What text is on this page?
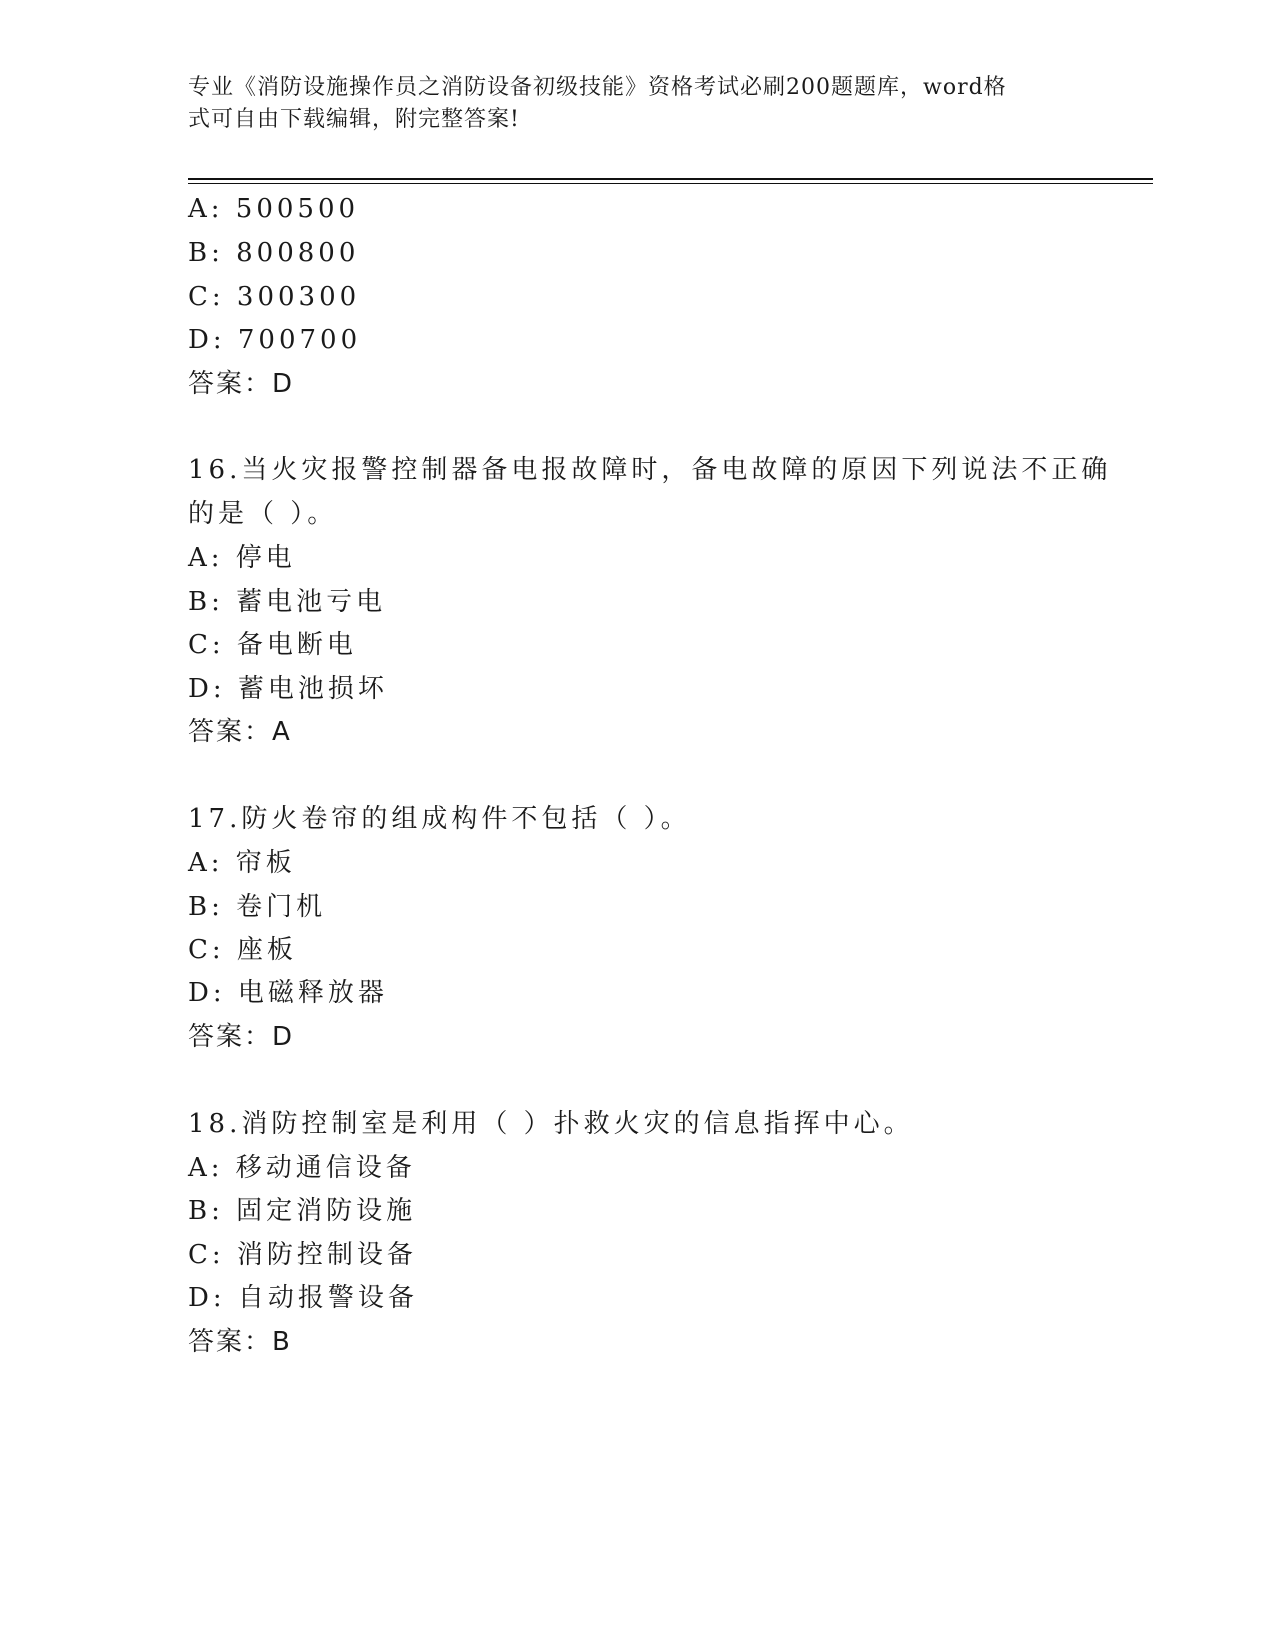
专业《消防设施操作员之消防设备初级技能》资格考试必刷200题题库，word格
式可自由下载编辑，附完整答案!
A: 500500
B: 800800
C: 300300
D: 700700
答案：D
16.当火灾报警控制器备电报故障时，备电故障的原因下列说法不正确
的是（ ）。
A: 停电
B: 蓄电池亏电
C: 备电断电
D: 蓄电池损坏
答案：A
17.防火卷帘的组成构件不包括（ ）。
A: 帘板
B: 卷门机
C: 座板
D: 电磁释放器
答案：D
18.消防控制室是利用（ ）扑救火灾的信息指挥中心。
A: 移动通信设备
B: 固定消防设施
C: 消防控制设备
D: 自动报警设备
答案：B
